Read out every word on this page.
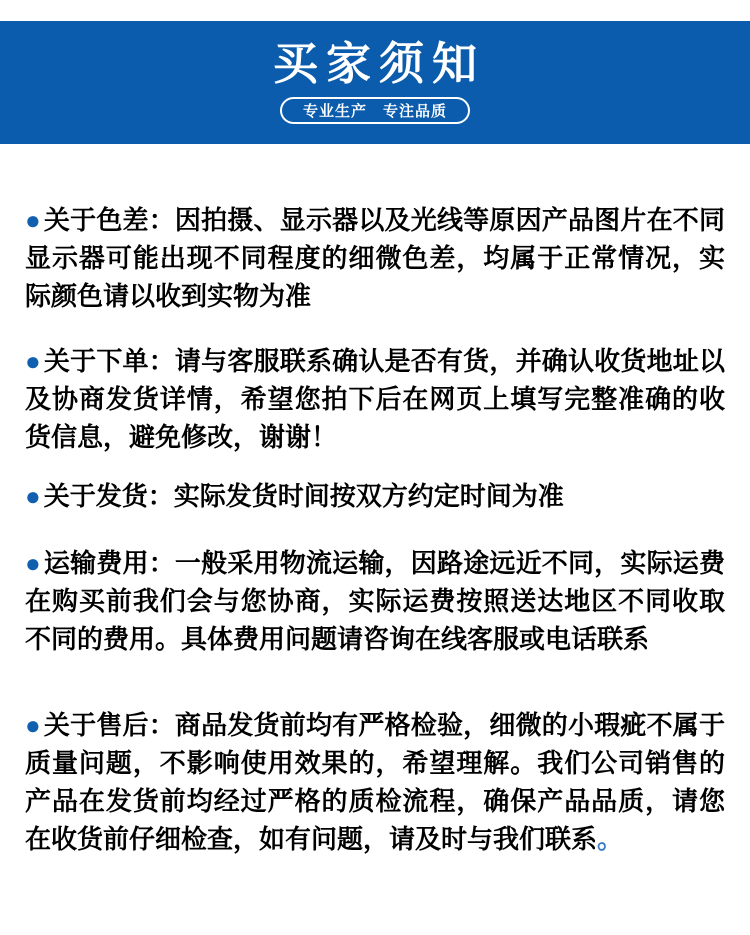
买家须知
专业生产　专注品质

● 关于色差：因拍摄、显示器以及光线等原因产品图片在不同显示器可能出现不同程度的细微色差，均属于正常情况，实际颜色请以收到实物为准

● 关于下单：请与客服联系确认是否有货，并确认收货地址以及协商发货详情，希望您拍下后在网页上填写完整准确的收货信息，避免修改，谢谢！

● 关于发货：实际发货时间按双方约定时间为准

● 运输费用：一般采用物流运输，因路途远近不同，实际运费在购买前我们会与您协商，实际运费按照送达地区不同收取不同的费用。具体费用问题请咨询在线客服或电话联系

● 关于售后：商品发货前均有严格检验，细微的小瑕疵不属于质量问题，不影响使用效果的，希望理解。我们公司销售的产品在发货前均经过严格的质检流程，确保产品品质，请您在收货前仔细检查，如有问题，请及时与我们联系。
